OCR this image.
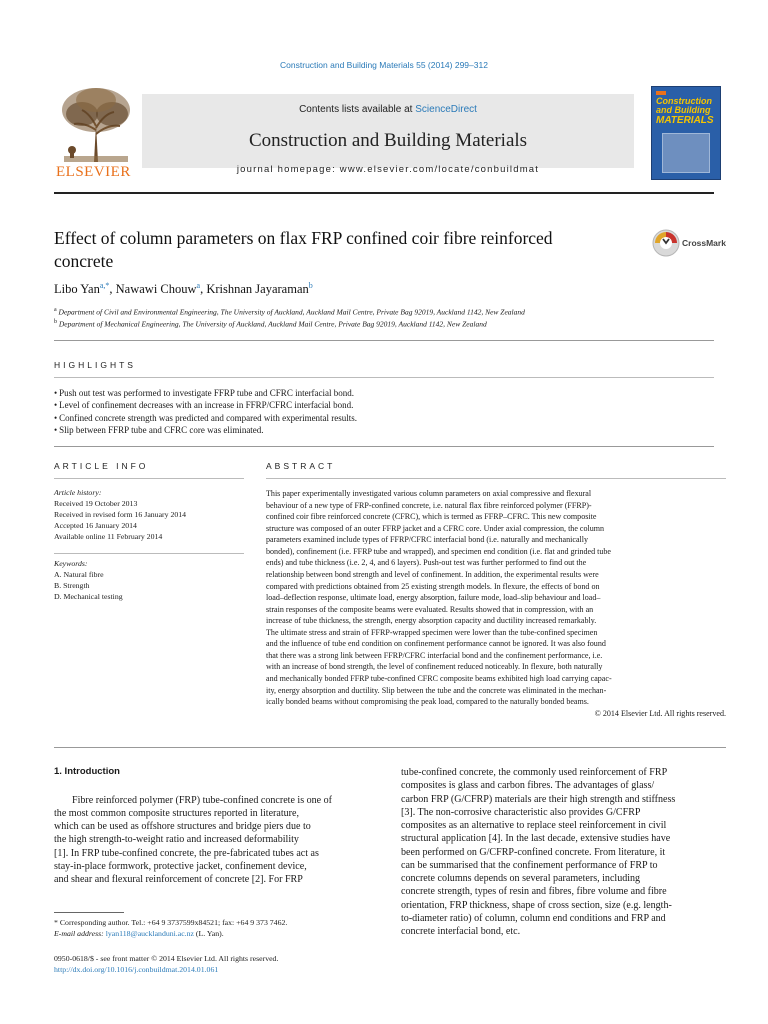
Construction and Building Materials 55 (2014) 299–312
ELSEVIER
Contents lists available at ScienceDirect
Construction and Building Materials
journal homepage: www.elsevier.com/locate/conbuildmat
Construction
and Building
MATERIALS
Effect of column parameters on flax FRP confined coir fibre reinforced
concrete
CrossMark
Libo Yan$^{a,*}$, Nawawi Chouw$^a$, Krishnan Jayaraman$^b$
$^a$ Department of Civil and Environmental Engineering, The University of Auckland, Auckland Mail Centre, Private Bag 92019, Auckland 1142, New Zealand
$^b$ Department of Mechanical Engineering, The University of Auckland, Auckland Mail Centre, Private Bag 92019, Auckland 1142, New Zealand
HIGHLIGHTS
• Push out test was performed to investigate FFRP tube and CFRC interfacial bond.
• Level of confinement decreases with an increase in FFRP/CFRC interfacial bond.
• Confined concrete strength was predicted and compared with experimental results.
• Slip between FFRP tube and CFRC core was eliminated.
ARTICLE INFO
Article history:
Received 19 October 2013
Received in revised form 16 January 2014
Accepted 16 January 2014
Available online 11 February 2014
Keywords:
A. Natural fibre
B. Strength
D. Mechanical testing
ABSTRACT
This paper experimentally investigated various column parameters on axial compressive and flexural
behaviour of a new type of FRP-confined concrete, i.e. natural flax fibre reinforced polymer (FFRP)-
confined coir fibre reinforced concrete (CFRC), which is termed as FFRP–CFRC. This new composite
structure was composed of an outer FFRP jacket and a CFRC core. Under axial compression, the column
parameters examined include types of FFRP/CFRC interfacial bond (i.e. naturally and mechanically
bonded), confinement (i.e. FFRP tube and wrapped), and specimen end condition (i.e. flat and grinded tube
ends) and tube thickness (i.e. 2, 4, and 6 layers). Push-out test was further performed to find out the
relationship between bond strength and level of confinement. In addition, the experimental results were
compared with predictions obtained from 25 existing strength models. In flexure, the effects of bond on
load–deflection response, ultimate load, energy absorption, failure mode, load–slip behaviour and load–
strain responses of the composite beams were evaluated. Results showed that in compression, with an
increase of tube thickness, the strength, energy absorption capacity and ductility increased remarkably.
The ultimate stress and strain of FFRP-wrapped specimen were lower than the tube-confined specimen
and the influence of tube end condition on confinement performance cannot be ignored. It was also found
that there was a strong link between FFRP/CFRC interfacial bond and the confinement performance, i.e.
with an increase of bond strength, the level of confinement reduced noticeably. In flexure, both naturally
and mechanically bonded FFRP tube-confined CFRC composite beams exhibited high load carrying capac-
ity, energy absorption and ductility. Slip between the tube and the concrete was eliminated in the mechan-
ically bonded beams without compromising the peak load, compared to the naturally bonded beams.
© 2014 Elsevier Ltd. All rights reserved.
1. Introduction
Fibre reinforced polymer (FRP) tube-confined concrete is one of
the most common composite structures reported in literature,
which can be used as offshore structures and bridge piers due to
the high strength-to-weight ratio and increased deformability
[1]. In FRP tube-confined concrete, the pre-fabricated tubes act as
stay-in-place formwork, protective jacket, confinement device,
and shear and flexural reinforcement of concrete [2]. For FRP
tube-confined concrete, the commonly used reinforcement of FRP
composites is glass and carbon fibres. The advantages of glass/
carbon FRP (G/CFRP) materials are their high strength and stiffness
[3]. The non-corrosive characteristic also provides G/CFRP
composites as an alternative to replace steel reinforcement in civil
structural application [4]. In the last decade, extensive studies have
been performed on G/CFRP-confined concrete. From literature, it
can be summarised that the confinement performance of FRP to
concrete columns depends on several parameters, including
concrete strength, types of resin and fibres, fibre volume and fibre
orientation, FRP thickness, shape of cross section, size (e.g. length-
to-diameter ratio) of column, column end conditions and FRP and
concrete interfacial bond, etc.
* Corresponding author. Tel.: +64 9 3737599x84521; fax: +64 9 373 7462.
E-mail address: lyan118@aucklanduni.ac.nz (L. Yan).
0950-0618/$ - see front matter © 2014 Elsevier Ltd. All rights reserved.
http://dx.doi.org/10.1016/j.conbuildmat.2014.01.061
